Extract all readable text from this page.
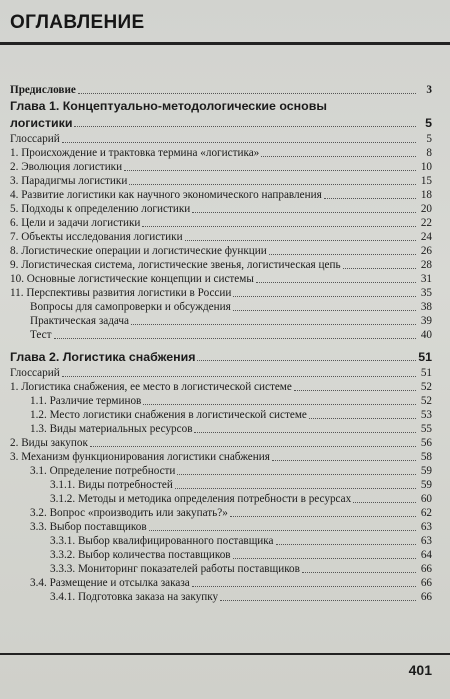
ОГЛАВЛЕНИЕ
Предисловие	3
Глава 1. Концептуально-методологические основы
логистики	5
Глоссарий	5
1. Происхождение и трактовка термина «логистика»	8
2. Эволюция логистики	10
3. Парадигмы логистики	15
4. Развитие логистики как научного экономического направления	18
5. Подходы к определению логистики	20
6. Цели и задачи логистики	22
7. Объекты исследования логистики	24
8. Логистические операции и логистические функции	26
9. Логистическая система, логистические звенья, логистическая цепь	28
10. Основные логистические концепции и системы	31
11. Перспективы развития логистики в России	35
Вопросы для самопроверки и обсуждения	38
Практическая задача	39
Тест	40
Глава 2. Логистика снабжения	51
Глоссарий	51
1. Логистика снабжения, ее место в логистической системе	52
1.1. Различие терминов	52
1.2. Место логистики снабжения в логистической системе	53
1.3. Виды материальных ресурсов	55
2. Виды закупок	56
3. Механизм функционирования логистики снабжения	58
3.1. Определение потребности	59
3.1.1. Виды потребностей	59
3.1.2. Методы и методика определения потребности в ресурсах	60
3.2. Вопрос «производить или закупать?»	62
3.3. Выбор поставщиков	63
3.3.1. Выбор квалифицированного поставщика	63
3.3.2. Выбор количества поставщиков	64
3.3.3. Мониторинг показателей работы поставщиков	66
3.4. Размещение и отсылка заказа	66
3.4.1. Подготовка заказа на закупку	66
401
